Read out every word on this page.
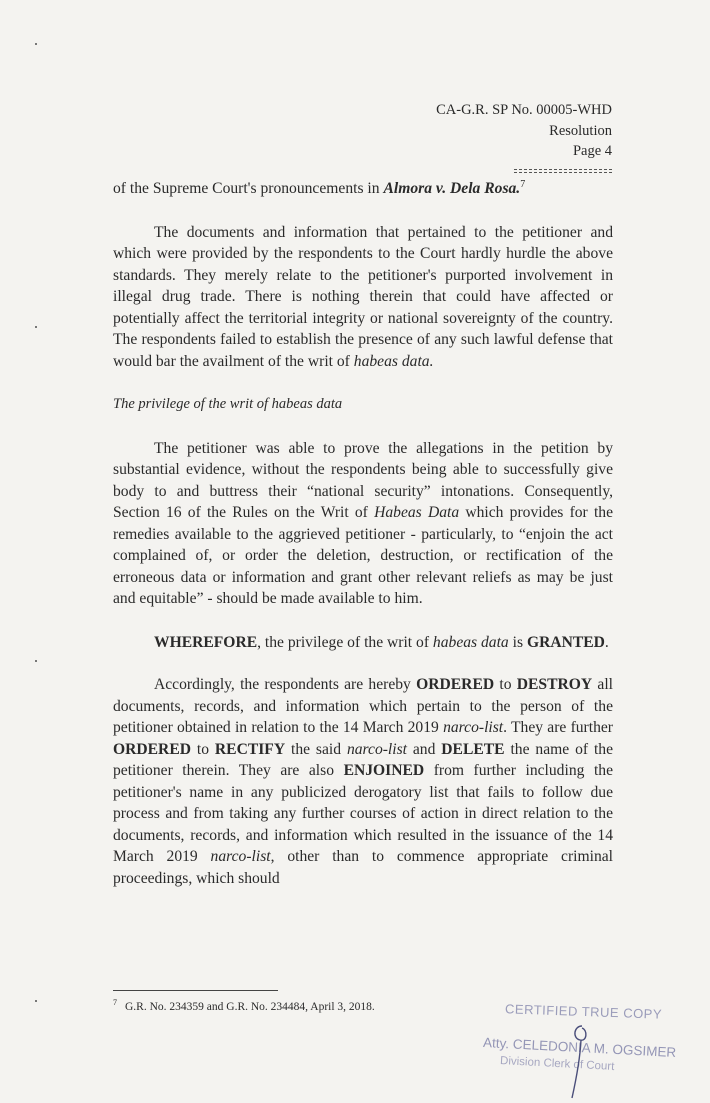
CA-G.R. SP No. 00005-WHD
Resolution
Page 4

of the Supreme Court's pronouncements in Almora v. Dela Rosa.$^7$

The documents and information that pertained to the petitioner and which were provided by the respondents to the Court hardly hurdle the above standards. They merely relate to the petitioner's purported involvement in illegal drug trade. There is nothing therein that could have affected or potentially affect the territorial integrity or national sovereignty of the country. The respondents failed to establish the presence of any such lawful defense that would bar the availment of the writ of habeas data.

The privilege of the writ of habeas data

The petitioner was able to prove the allegations in the petition by substantial evidence, without the respondents being able to successfully give body to and buttress their “national security” intonations. Consequently, Section 16 of the Rules on the Writ of Habeas Data which provides for the remedies available to the aggrieved petitioner - particularly, to “enjoin the act complained of, or order the deletion, destruction, or rectification of the erroneous data or information and grant other relevant reliefs as may be just and equitable” - should be made available to him.

WHEREFORE, the privilege of the writ of habeas data is GRANTED.

Accordingly, the respondents are hereby ORDERED to DESTROY all documents, records, and information which pertain to the person of the petitioner obtained in relation to the 14 March 2019 narco-list. They are further ORDERED to RECTIFY the said narco-list and DELETE the name of the petitioner therein. They are also ENJOINED from further including the petitioner's name in any publicized derogatory list that fails to follow due process and from taking any further courses of action in direct relation to the documents, records, and information which resulted in the issuance of the 14 March 2019 narco-list, other than to commence appropriate criminal proceedings, which should

$^7$ G.R. No. 234359 and G.R. No. 234484, April 3, 2018.	CERTIFIED TRUE COPY
Atty. CELEDONIA M. OGSIMER
Division Clerk of Court
